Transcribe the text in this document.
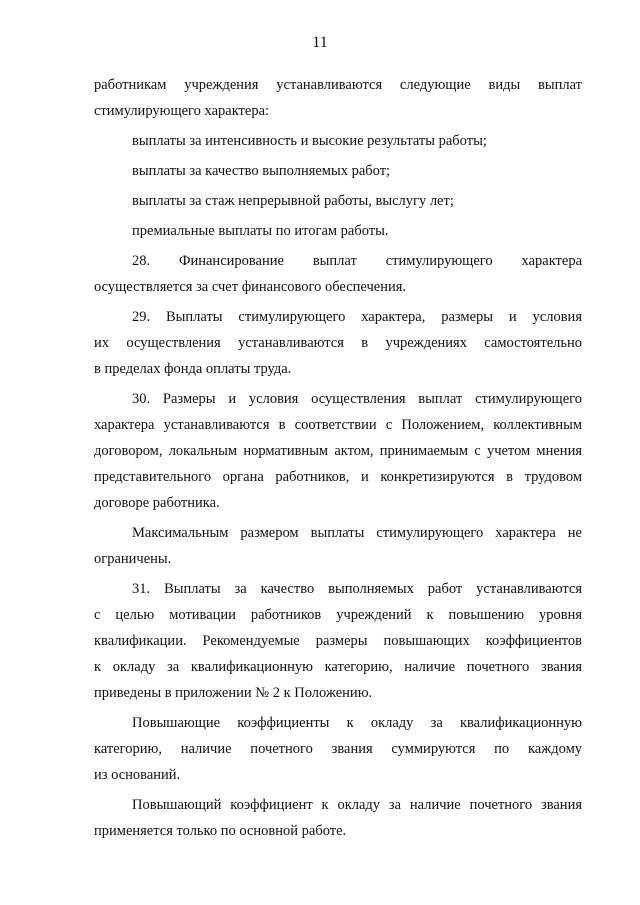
11
работникам учреждения устанавливаются следующие виды выплат
стимулирующего характера:
выплаты за интенсивность и высокие результаты работы;
выплаты за качество выполняемых работ;
выплаты за стаж непрерывной работы, выслугу лет;
премиальные выплаты по итогам работы.
28. Финансирование выплат стимулирующего характера
осуществляется за счет финансового обеспечения.
29. Выплаты стимулирующего характера, размеры и условия
их осуществления устанавливаются в учреждениях самостоятельно
в пределах фонда оплаты труда.
30. Размеры и условия осуществления выплат стимулирующего
характера устанавливаются в соответствии с Положением, коллективным
договором, локальным нормативным актом, принимаемым с учетом мнения
представительного органа работников, и конкретизируются в трудовом
договоре работника.
Максимальным размером выплаты стимулирующего характера не
ограничены.
31. Выплаты за качество выполняемых работ устанавливаются
с целью мотивации работников учреждений к повышению уровня
квалификации. Рекомендуемые размеры повышающих коэффициентов
к окладу за квалификационную категорию, наличие почетного звания
приведены в приложении № 2 к Положению.
Повышающие коэффициенты к окладу за квалификационную
категорию, наличие почетного звания суммируются по каждому
из оснований.
Повышающий коэффициент к окладу за наличие почетного звания
применяется только по основной работе.
